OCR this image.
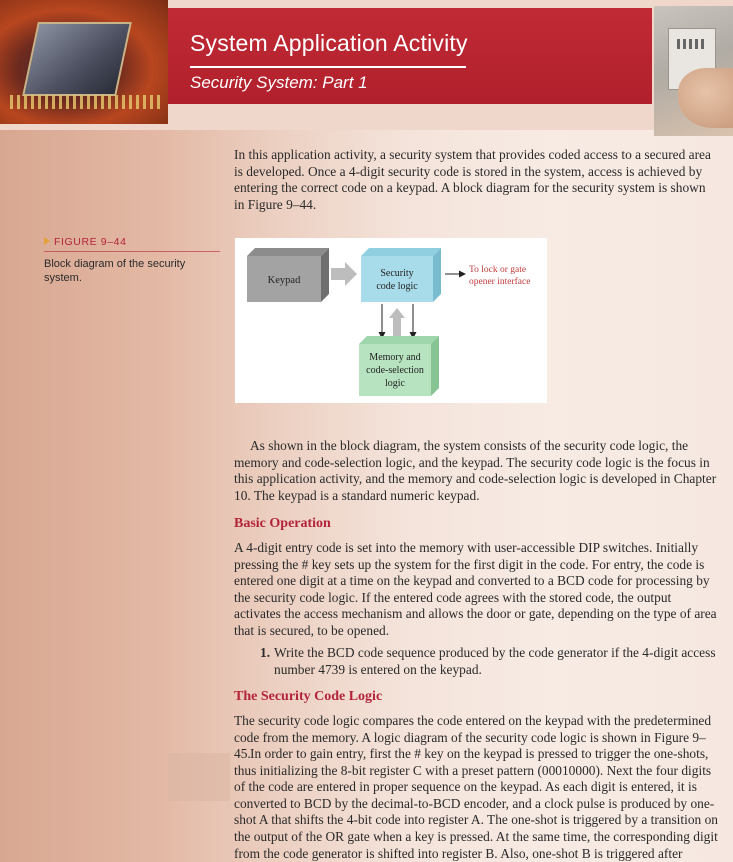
System Application Activity
Security System: Part 1

In this application activity, a security system that provides coded access to a secured area is developed. Once a 4-digit security code is stored in the system, access is achieved by entering the correct code on a keypad. A block diagram for the security system is shown in Figure 9–44.

FIGURE 9–44
Block diagram of the security system.	Keypad
Security
code logic
To lock or gate
opener interface
Memory and
code-selection
logic

As shown in the block diagram, the system consists of the security code logic, the memory and code-selection logic, and the keypad. The security code logic is the focus in this application activity, and the memory and code-selection logic is developed in Chapter 10. The keypad is a standard numeric keypad.

Basic Operation

A 4-digit entry code is set into the memory with user-accessible DIP switches. Initially pressing the # key sets up the system for the first digit in the code. For entry, the code is entered one digit at a time on the keypad and converted to a BCD code for processing by the security code logic. If the entered code agrees with the stored code, the output activates the access mechanism and allows the door or gate, depending on the type of area that is secured, to be opened.

1. Write the BCD code sequence produced by the code generator if the 4-digit access number 4739 is entered on the keypad.
The Security Code Logic

The security code logic compares the code entered on the keypad with the predetermined code from the memory. A logic diagram of the security code logic is shown in Figure 9–45. In order to gain entry, first the # key on the keypad is pressed to trigger the one-shots, thus initializing the 8-bit register C with a preset pattern (00010000). Next the four digits of the code are entered in proper sequence on the keypad. As each digit is entered, it is converted to BCD by the decimal-to-BCD encoder, and a clock pulse is produced by one-shot A that shifts the 4-bit code into register A. The one-shot is triggered by a transition on the output of the OR gate when a key is pressed. At the same time, the corresponding digit from the code generator is shifted into register B. Also, one-shot B is triggered after
